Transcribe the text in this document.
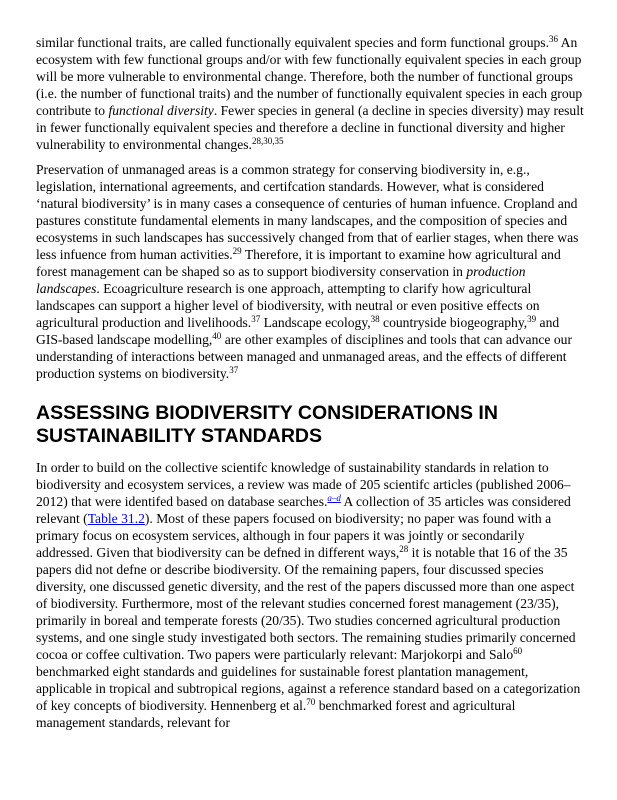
similar functional traits, are called functionally equivalent species and form functional groups.$^{36}$ An ecosystem with few functional groups and/or with few functionally equivalent species in each group will be more vulnerable to environmental change. Therefore, both the number of functional groups (i.e. the number of functional traits) and the number of functionally equivalent species in each group contribute to functional diversity. Fewer species in general (a decline in species diversity) may result in fewer functionally equivalent species and therefore a decline in functional diversity and higher vulnerability to environmental changes.$^{28,30,35}$

Preservation of unmanaged areas is a common strategy for conserving biodiversity in, e.g., legislation, international agreements, and certifcation standards. However, what is considered ‘natural biodiversity’ is in many cases a consequence of centuries of human infuence. Cropland and pastures constitute fundamental elements in many landscapes, and the composition of species and ecosystems in such landscapes has successively changed from that of earlier stages, when there was less infuence from human activities.$^{29}$ Therefore, it is important to examine how agricultural and forest management can be shaped so as to support biodiversity conservation in production landscapes. Ecoagriculture research is one approach, attempting to clarify how agricultural landscapes can support a higher level of biodiversity, with neutral or even positive effects on agricultural production and livelihoods.$^{37}$ Landscape ecology,$^{38}$ countryside biogeography,$^{39}$ and GIS-based landscape modelling,$^{40}$ are other examples of disciplines and tools that can advance our understanding of interactions between managed and unmanaged areas, and the effects of different production systems on biodiversity.$^{37}$

ASSESSING BIODIVERSITY CONSIDERATIONS IN SUSTAINABILITY STANDARDS

In order to build on the collective scientifc knowledge of sustainability standards in relation to biodiversity and ecosystem services, a review was made of 205 scientifc articles (published 2006–2012) that were identifed based on database searches.$^{a-d}$ A collection of 35 articles was considered relevant (Table 31.2). Most of these papers focused on biodiversity; no paper was found with a primary focus on ecosystem services, although in four papers it was jointly or secondarily addressed. Given that biodiversity can be defned in different ways,$^{28}$ it is notable that 16 of the 35 papers did not defne or describe biodiversity. Of the remaining papers, four discussed species diversity, one discussed genetic diversity, and the rest of the papers discussed more than one aspect of biodiversity. Furthermore, most of the relevant studies concerned forest management (23/35), primarily in boreal and temperate forests (20/35). Two studies concerned agricultural production systems, and one single study investigated both sectors. The remaining studies primarily concerned cocoa or coffee cultivation. Two papers were particularly relevant: Marjokorpi and Salo$^{60}$ benchmarked eight standards and guidelines for sustainable forest plantation management, applicable in tropical and subtropical regions, against a reference standard based on a categorization of key concepts of biodiversity. Hennenberg et al.$^{70}$ benchmarked forest and agricultural management standards, relevant for
